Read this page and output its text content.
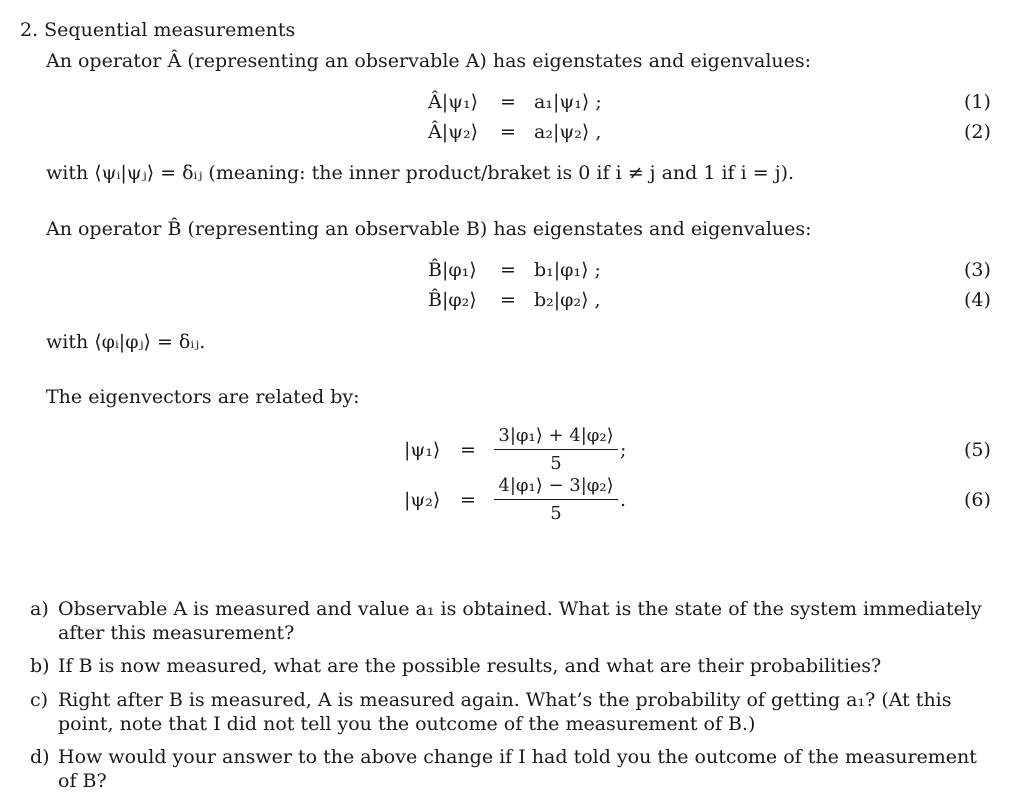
2. Sequential measurements
An operator Â (representing an observable A) has eigenstates and eigenvalues:
Â|ψ₁⟩ = a₁|ψ₁⟩ ;	(1)
Â|ψ₂⟩ = a₂|ψ₂⟩ ,	(2)
with ⟨ψᵢ|ψⱼ⟩ = δᵢⱼ (meaning: the inner product/braket is 0 if i ≠ j and 1 if i = j).
An operator B̂ (representing an observable B) has eigenstates and eigenvalues:
B̂|φ₁⟩ = b₁|φ₁⟩ ;	(3)
B̂|φ₂⟩ = b₂|φ₂⟩ ,	(4)
with ⟨φᵢ|φⱼ⟩ = δᵢⱼ.
The eigenvectors are related by:
|ψ₁⟩ =
3|φ₁⟩ + 4|φ₂⟩
5
;	(5)
|ψ₂⟩ =
4|φ₁⟩ − 3|φ₂⟩
5
.	(6)
a) Observable A is measured and value a₁ is obtained. What is the state of the system immediately after this measurement?
b) If B is now measured, what are the possible results, and what are their probabilities?
c) Right after B is measured, A is measured again. What’s the probability of getting a₁? (At this point, note that I did not tell you the outcome of the measurement of B.)
d) How would your answer to the above change if I had told you the outcome of the measurement of B?
